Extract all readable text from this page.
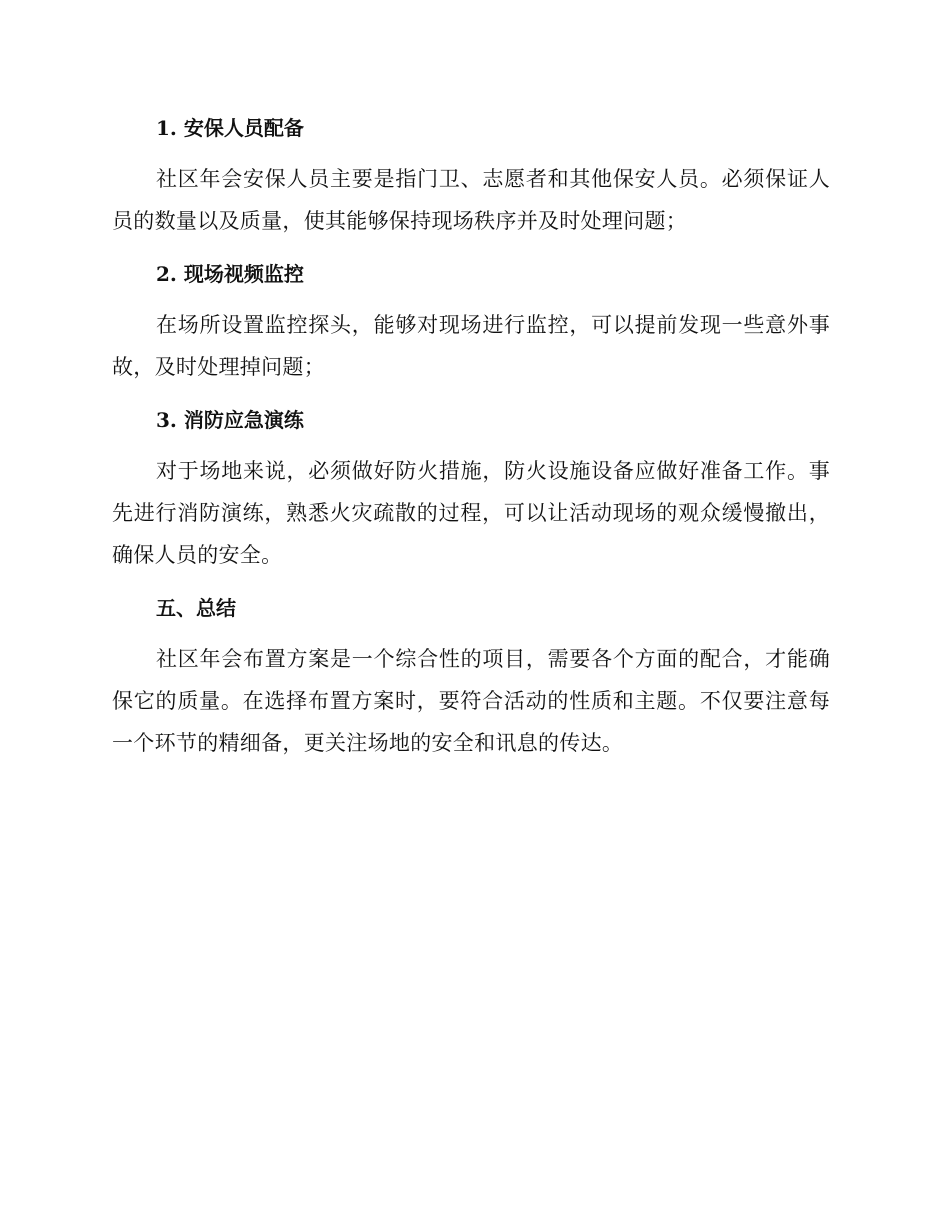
1. 安保人员配备

社区年会安保人员主要是指门卫、志愿者和其他保安人员。必须保证人员的数量以及质量，使其能够保持现场秩序并及时处理问题；

2. 现场视频监控

在场所设置监控探头，能够对现场进行监控，可以提前发现一些意外事故，及时处理掉问题；

3. 消防应急演练

对于场地来说，必须做好防火措施，防火设施设备应做好准备工作。事先进行消防演练，熟悉火灾疏散的过程，可以让活动现场的观众缓慢撤出，确保人员的安全。

五、总结

社区年会布置方案是一个综合性的项目，需要各个方面的配合，才能确保它的质量。在选择布置方案时，要符合活动的性质和主题。不仅要注意每一个环节的精细备，更关注场地的安全和讯息的传达。
